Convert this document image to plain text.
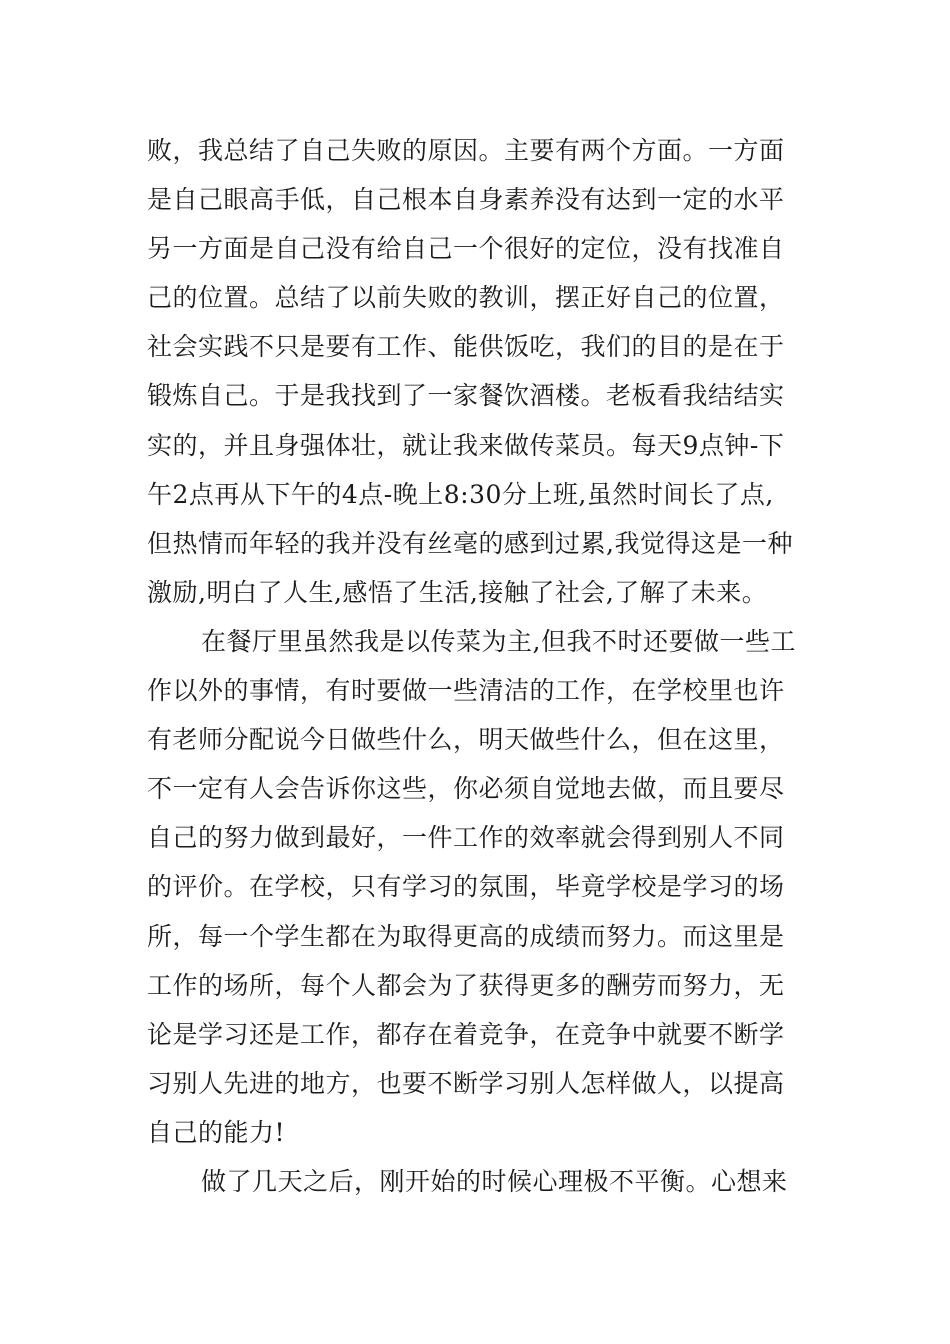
败，我总结了自己失败的原因。主要有两个方面。一方面
是自己眼高手低，自己根本自身素养没有达到一定的水平
另一方面是自己没有给自己一个很好的定位，没有找准自
己的位置。总结了以前失败的教训，摆正好自己的位置，
社会实践不只是要有工作、能供饭吃，我们的目的是在于
锻炼自己。于是我找到了一家餐饮酒楼。老板看我结结实
实的，并且身强体壮，就让我来做传菜员。每天9点钟-下
午2点再从下午的4点-晚上8:30分上班,虽然时间长了点,
但热情而年轻的我并没有丝毫的感到过累,我觉得这是一种
激励,明白了人生,感悟了生活,接触了社会,了解了未来。
在餐厅里虽然我是以传菜为主,但我不时还要做一些工
作以外的事情，有时要做一些清洁的工作，在学校里也许
有老师分配说今日做些什么，明天做些什么，但在这里，
不一定有人会告诉你这些，你必须自觉地去做，而且要尽
自己的努力做到最好，一件工作的效率就会得到别人不同
的评价。在学校，只有学习的氛围，毕竟学校是学习的场
所，每一个学生都在为取得更高的成绩而努力。而这里是
工作的场所，每个人都会为了获得更多的酬劳而努力，无
论是学习还是工作，都存在着竞争，在竞争中就要不断学
习别人先进的地方，也要不断学习别人怎样做人，以提高
自己的能力!
做了几天之后，刚开始的时候心理极不平衡。心想来
